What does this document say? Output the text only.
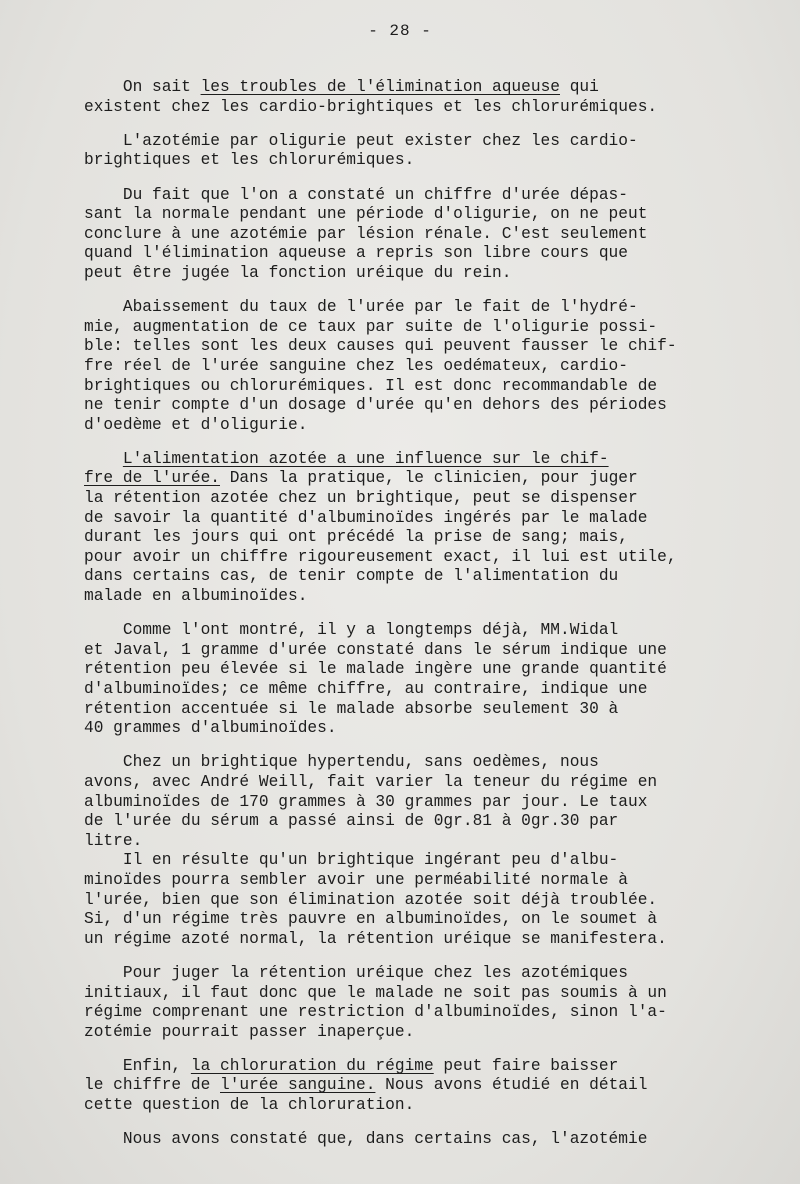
- 28 -
On sait les troubles de l'élimination aqueuse qui
existent chez les cardio-brightiques et les chlorurémiques.
L'azotémie par oligurie peut exister chez les cardio-
brightiques et les chlorurémiques.
Du fait que l'on a constaté un chiffre d'urée dépas-
sant la normale pendant une période d'oligurie, on ne peut
conclure à une azotémie par lésion rénale. C'est seulement
quand l'élimination aqueuse a repris son libre cours que
peut être jugée la fonction uréique du rein.
Abaissement du taux de l'urée par le fait de l'hydré-
mie, augmentation de ce taux par suite de l'oligurie possi-
ble: telles sont les deux causes qui peuvent fausser le chif-
fre réel de l'urée sanguine chez les oedémateux, cardio-
brightiques ou chlorurémiques. Il est donc recommandable de
ne tenir compte d'un dosage d'urée qu'en dehors des périodes
d'oedème et d'oligurie.
L'alimentation azotée a une influence sur le chif-
fre de l'urée. Dans la pratique, le clinicien, pour juger
la rétention azotée chez un brightique, peut se dispenser
de savoir la quantité d'albuminoïdes ingérés par le malade
durant les jours qui ont précédé la prise de sang; mais,
pour avoir un chiffre rigoureusement exact, il lui est utile,
dans certains cas, de tenir compte de l'alimentation du
malade en albuminoïdes.
Comme l'ont montré, il y a longtemps déjà, MM.Widal
et Javal, 1 gramme d'urée constaté dans le sérum indique une
rétention peu élevée si le malade ingère une grande quantité
d'albuminoïdes; ce même chiffre, au contraire, indique une
rétention accentuée si le malade absorbe seulement 30 à
40 grammes d'albuminoïdes.
Chez un brightique hypertendu, sans oedèmes, nous
avons, avec André Weill, fait varier la teneur du régime en
albuminoïdes de 170 grammes à 30 grammes par jour. Le taux
de l'urée du sérum a passé ainsi de 0gr.81 à 0gr.30 par
litre.
Il en résulte qu'un brightique ingérant peu d'albu-
minoïdes pourra sembler avoir une perméabilité normale à
l'urée, bien que son élimination azotée soit déjà troublée.
Si, d'un régime très pauvre en albuminoïdes, on le soumet à
un régime azoté normal, la rétention uréique se manifestera.
Pour juger la rétention uréique chez les azotémiques
initiaux, il faut donc que le malade ne soit pas soumis à un
régime comprenant une restriction d'albuminoïdes, sinon l'a-
zotémie pourrait passer inaperçue.
Enfin, la chloruration du régime peut faire baisser
le chiffre de l'urée sanguine. Nous avons étudié en détail
cette question de la chloruration.
Nous avons constaté que, dans certains cas, l'azotémie
